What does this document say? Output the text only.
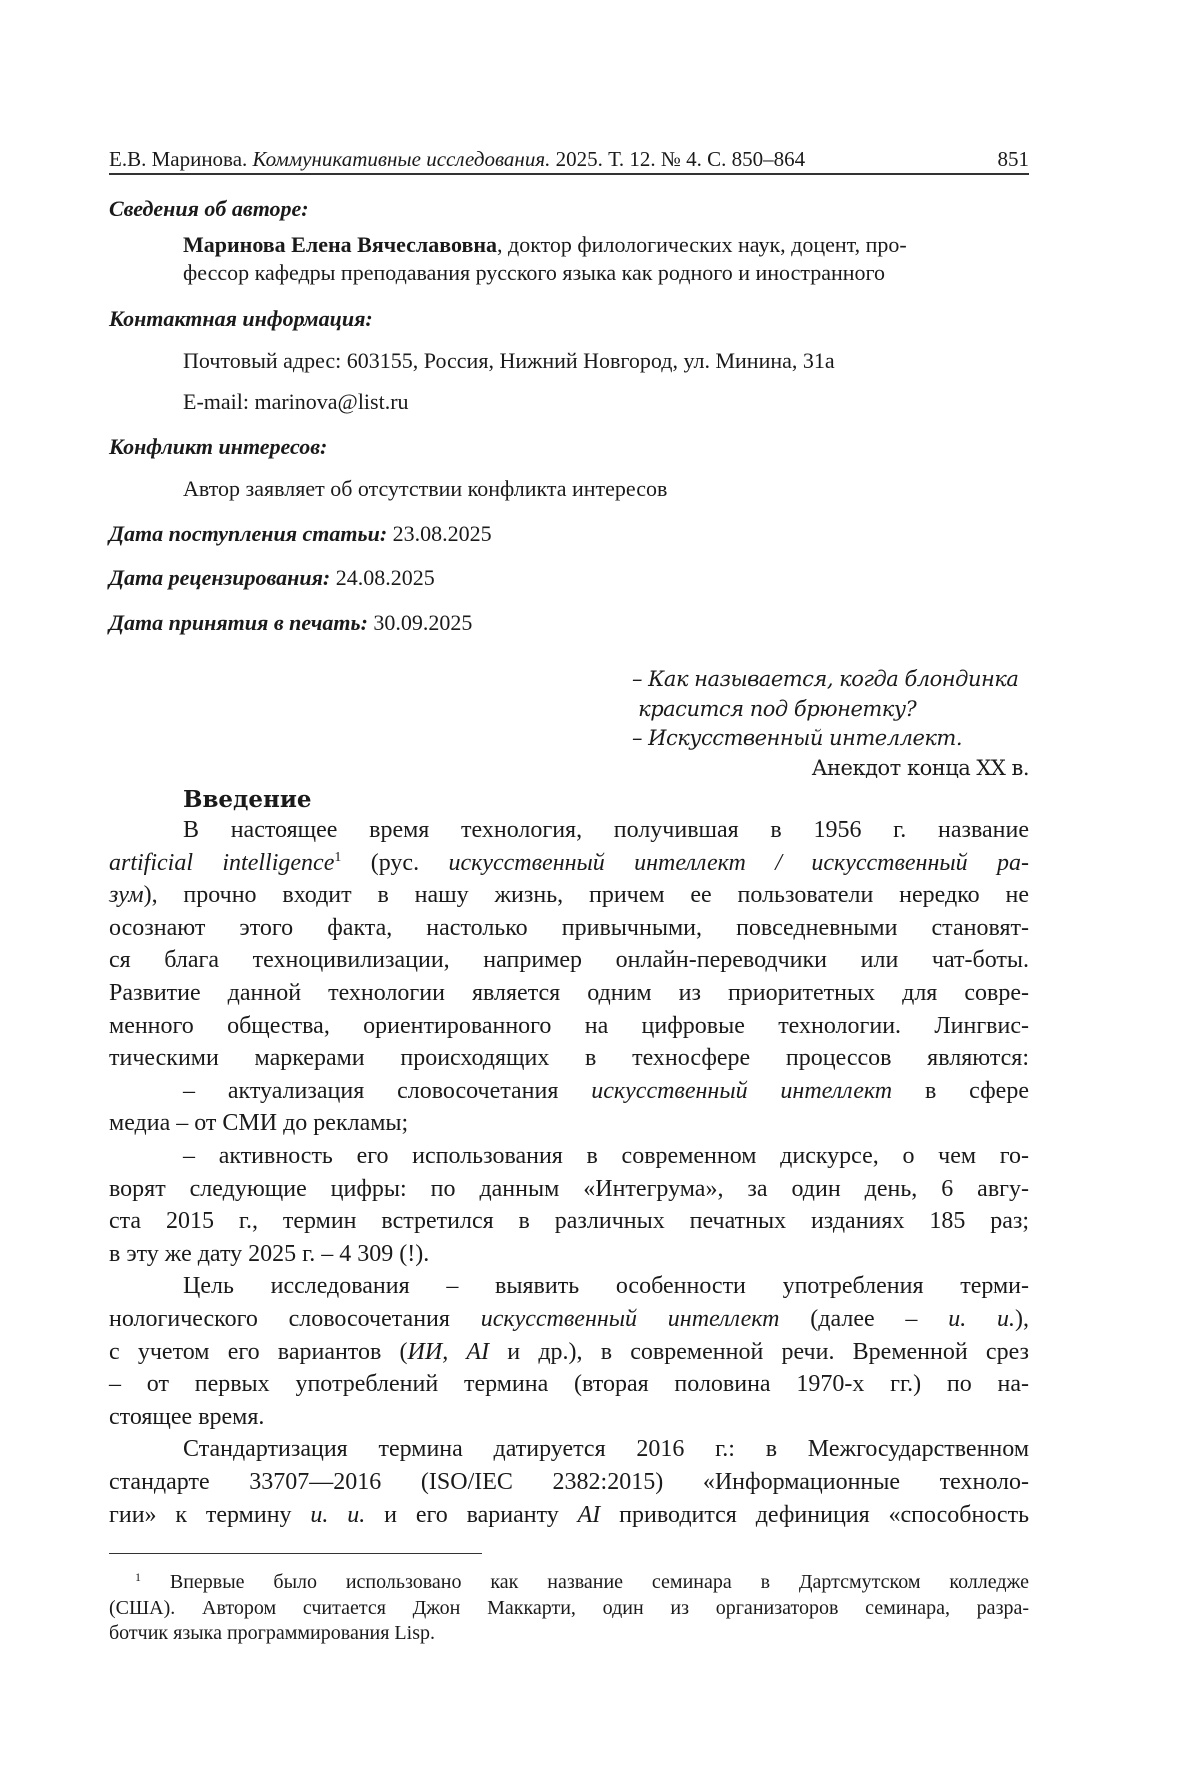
Е.В. Маринова. Коммуникативные исследования. 2025. Т. 12. № 4. С. 850–864	851
Сведения об авторе:
Маринова Елена Вячеславовна, доктор филологических наук, доцент, про-
фессор кафедры преподавания русского языка как родного и иностранного
Контактная информация:
Почтовый адрес: 603155, Россия, Нижний Новгород, ул. Минина, 31а
E-mail: marinova@list.ru
Конфликт интересов:
Автор заявляет об отсутствии конфликта интересов
Дата поступления статьи: 23.08.2025
Дата рецензирования: 24.08.2025
Дата принятия в печать: 30.09.2025
– Как называется, когда блондинка
красится под брюнетку?
– Искусственный интеллект.
Анекдот конца XX в.
Введение
В настоящее время технология, получившая в 1956 г. название
artificial intelligence$^1$ (рус. искусственный интеллект / искусственный ра-
зум), прочно входит в нашу жизнь, причем ее пользователи нередко не
осознают этого факта, настолько привычными, повседневными становят-
ся блага техноцивилизации, например онлайн-переводчики или чат-боты.
Развитие данной технологии является одним из приоритетных для совре-
менного общества, ориентированного на цифровые технологии. Лингвис-
тическими маркерами происходящих в техносфере процессов являются:
– актуализация словосочетания искусственный интеллект в сфере
медиа – от СМИ до рекламы;
– активность его использования в современном дискурсе, о чем го-
ворят следующие цифры: по данным «Интегрума», за один день, 6 авгу-
ста 2015 г., термин встретился в различных печатных изданиях 185 раз;
в эту же дату 2025 г. – 4 309 (!).
Цель исследования – выявить особенности употребления терми-
нологического словосочетания искусственный интеллект (далее – и. и.),
с учетом его вариантов (ИИ, AI и др.), в современной речи. Временной срез
– от первых употреблений термина (вторая половина 1970-х гг.) по на-
стоящее время.
Стандартизация термина датируется 2016 г.: в Межгосударственном
стандарте 33707—2016 (ISO/IEC 2382:2015) «Информационные техноло-
гии» к термину и. и. и его варианту AI приводится дефиниция «способность
$^1$ Впервые было использовано как название семинара в Дартсмутском колледже
(США). Автором считается Джон Маккарти, один из организаторов семинара, разра-
ботчик языка программирования Lisp.
